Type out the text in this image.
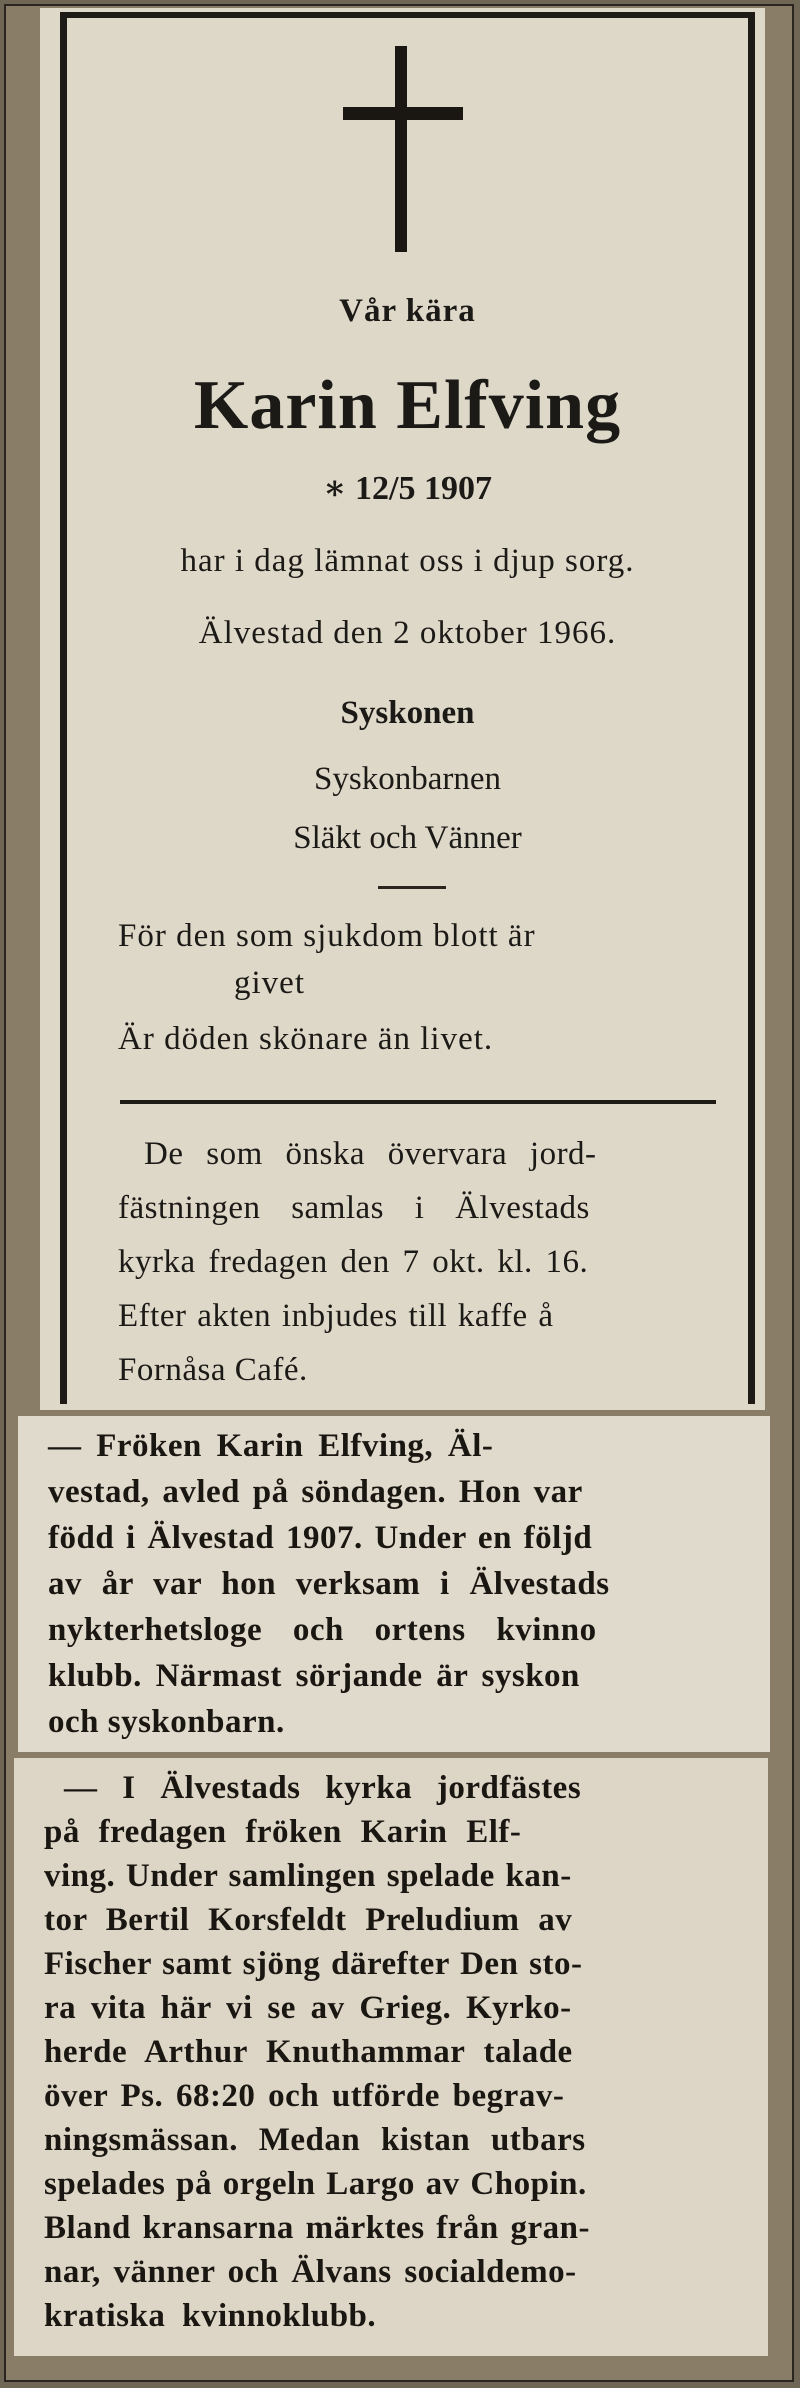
Vår kära
Karin Elfving
∗ 12/5 1907
har i dag lämnat oss i djup sorg.
Älvestad den 2 oktober 1966.
Syskonen
Syskonbarnen
Släkt och Vänner
För den som sjukdom blott är
givet
Är döden skönare än livet.
De som önska övervara jord-
fästningen samlas i Älvestads
kyrka fredagen den 7 okt. kl. 16.
Efter akten inbjudes till kaffe å
Fornåsa Café.
— Fröken Karin Elfving, Äl-
vestad, avled på söndagen. Hon var
född i Älvestad 1907. Under en följd
av år var hon verksam i Älvestads
nykterhetsloge och ortens kvinno
klubb. Närmast sörjande är syskon
och syskonbarn.
— I Älvestads kyrka jordfästes
på fredagen fröken Karin Elf-
ving. Under samlingen spelade kan-
tor Bertil Korsfeldt Preludium av
Fischer samt sjöng därefter Den sto-
ra vita här vi se av Grieg. Kyrko-
herde Arthur Knuthammar talade
över Ps. 68:20 och utförde begrav-
ningsmässan. Medan kistan utbars
spelades på orgeln Largo av Chopin.
Bland kransarna märktes från gran-
nar, vänner och Älvans socialdemo-
kratiska kvinnoklubb.
